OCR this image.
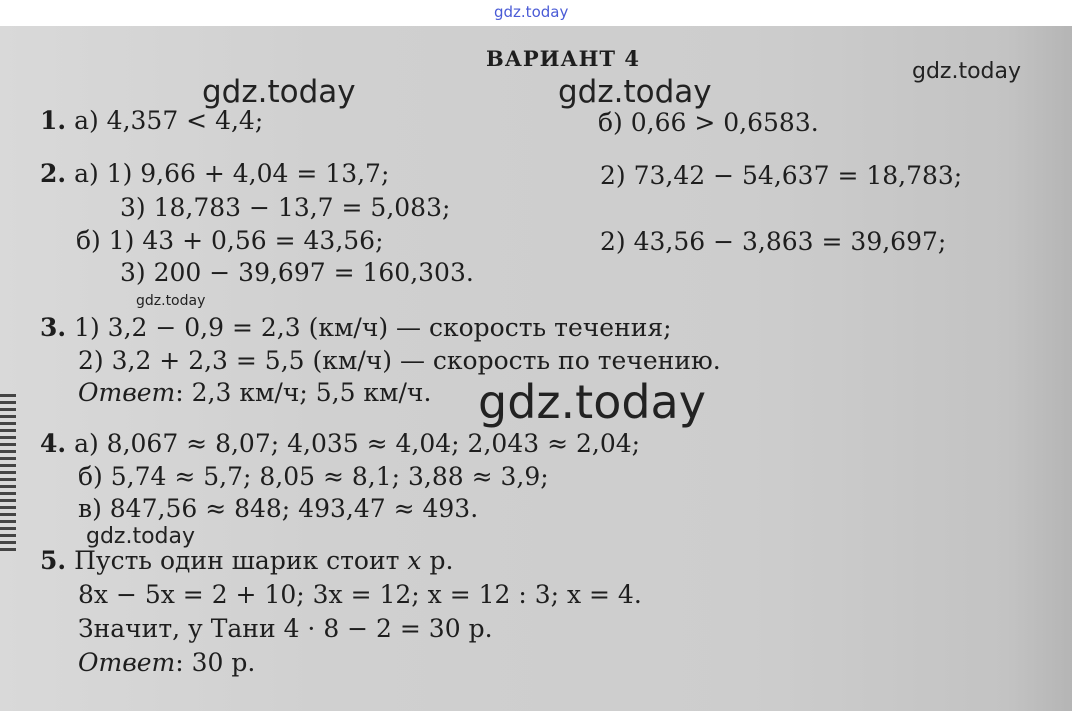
gdz.today
ВАРИАНТ 4
1. а) 4,357 < 4,4;	б) 0,66 > 0,6583.
2. а) 1) 9,66 + 4,04 = 13,7;	2) 73,42 − 54,637 = 18,783;
3) 18,783 − 13,7 = 5,083;
б) 1) 43 + 0,56 = 43,56;	2) 43,56 − 3,863 = 39,697;
3) 200 − 39,697 = 160,303.
3. 1) 3,2 − 0,9 = 2,3 (км/ч) — скорость течения;
2) 3,2 + 2,3 = 5,5 (км/ч) — скорость по течению.
Ответ: 2,3 км/ч; 5,5 км/ч.
4. а) 8,067 ≈ 8,07; 4,035 ≈ 4,04; 2,043 ≈ 2,04;
б) 5,74 ≈ 5,7; 8,05 ≈ 8,1; 3,88 ≈ 3,9;
в) 847,56 ≈ 848; 493,47 ≈ 493.
5. Пусть один шарик стоит x р.
8x − 5x = 2 + 10; 3x = 12; x = 12 : 3; x = 4.
Значит, у Тани 4 · 8 − 2 = 30 р.
Ответ: 30 р.
gdz.today
gdz.today	gdz.today
gdz.today
gdz.today
gdz.today
